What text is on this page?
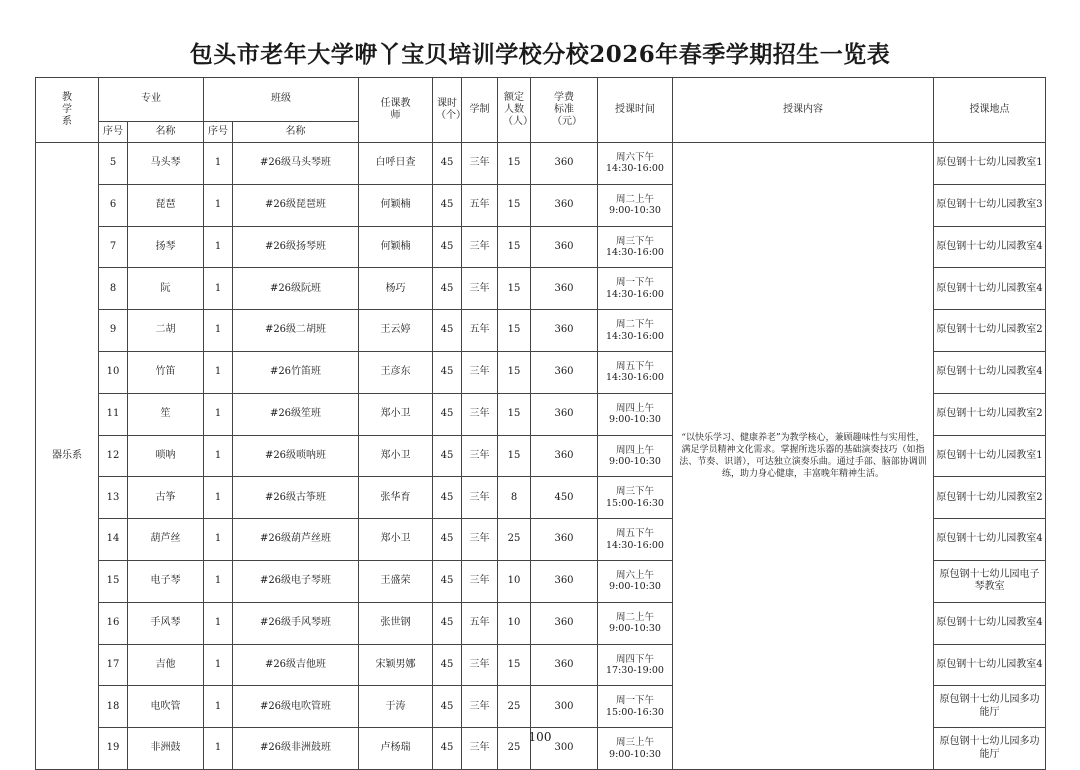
包头市老年大学咿丫宝贝培训学校分校2026年春季学期招生一览表
教学系	专业		班级		任课教师	课时（个）	学制	额定人数（人）	学费标准（元）	授课时间	授课内容	授课地点
	序号	名称	序号	名称								
器乐系	5	马头琴	1	#26级马头琴班	白呼日查	45	三年	15	360	周六下午
14:30-16:00	“以快乐学习、健康养老”为教学核心，兼顾趣味性与实用性，满足学员精神文化需求。掌握所选乐器的基础演奏技巧（如指法、节奏、识谱），可达独立演奏乐曲。通过手部、脑部协调训练，助力身心健康，丰富晚年精神生活。	原包钢十七幼儿园教室1
	6	琵琶	1	#26级琵琶班	何颖楠	45	五年	15	360	周二上午
9:00-10:30		原包钢十七幼儿园教室3
	7	扬琴	1	#26级扬琴班	何颖楠	45	三年	15	360	周三下午
14:30-16:00		原包钢十七幼儿园教室4
	8	阮	1	#26级阮班	杨巧	45	三年	15	360	周一下午
14:30-16:00		原包钢十七幼儿园教室4
	9	二胡	1	#26级二胡班	王云婷	45	五年	15	360	周二下午
14:30-16:00		原包钢十七幼儿园教室2
	10	竹笛	1	#26竹笛班	王彦东	45	三年	15	360	周五下午
14:30-16:00		原包钢十七幼儿园教室4
	11	笙	1	#26级笙班	郑小卫	45	三年	15	360	周四上午
9:00-10:30		原包钢十七幼儿园教室2
	12	唢呐	1	#26级唢呐班	郑小卫	45	三年	15	360	周四上午
9:00-10:30		原包钢十七幼儿园教室1
	13	古筝	1	#26级古筝班	张华育	45	三年	8	450	周三下午
15:00-16:30		原包钢十七幼儿园教室2
	14	葫芦丝	1	#26级葫芦丝班	郑小卫	45	三年	25	360	周五下午
14:30-16:00		原包钢十七幼儿园教室4
	15	电子琴	1	#26级电子琴班	王盛荣	45	三年	10	360	周六上午
9:00-10:30		原包钢十七幼儿园电子琴教室
	16	手风琴	1	#26级手风琴班	张世钢	45	五年	10	360	周二上午
9:00-10:30		原包钢十七幼儿园教室4
	17	吉他	1	#26级吉他班	宋颖男娜	45	三年	15	360	周四下午
17:30-19:00		原包钢十七幼儿园教室4
	18	电吹管	1	#26级电吹管班	于涛	45	三年	25	300	周一下午
15:00-16:30		原包钢十七幼儿园多功能厅
	19	非洲鼓	1	#26级非洲鼓班	卢杨瑞	45	三年	25	300	周三上午
9:00-10:30		原包钢十七幼儿园多功能厅
100
